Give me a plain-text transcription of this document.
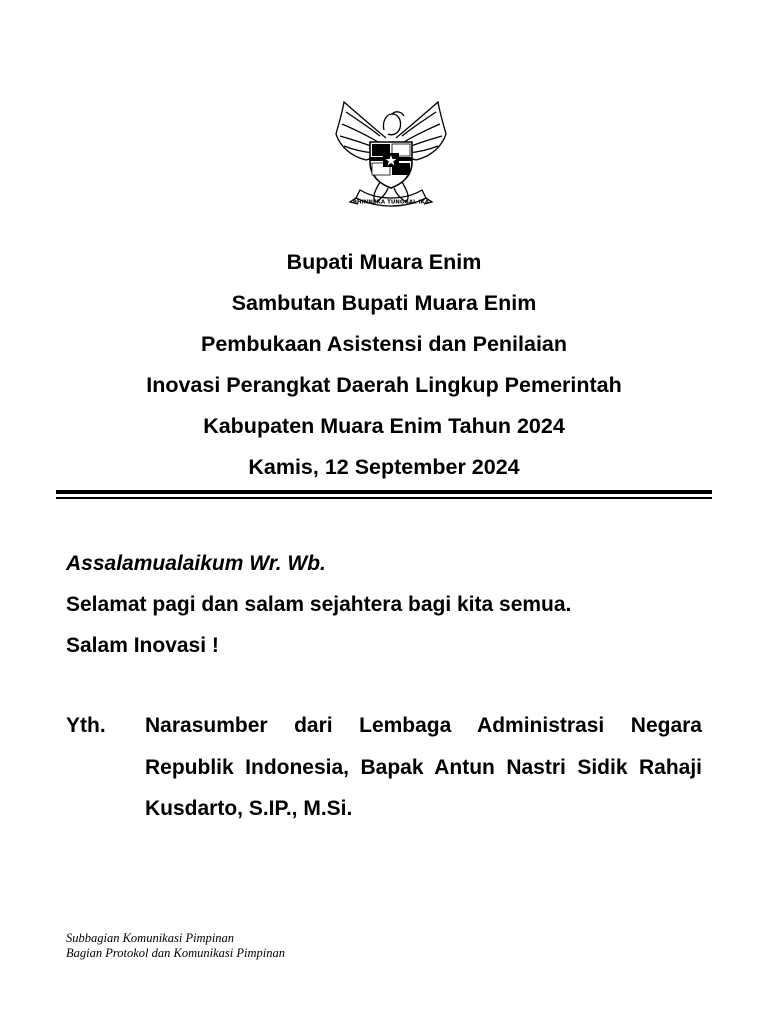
BHINNEKA TUNGGAL IKA
Bupati Muara Enim
Sambutan Bupati Muara Enim
Pembukaan Asistensi dan Penilaian
Inovasi Perangkat Daerah Lingkup Pemerintah
Kabupaten Muara Enim Tahun 2024
Kamis, 12 September 2024
Assalamualaikum Wr. Wb.
Selamat pagi dan salam sejahtera bagi kita semua.
Salam Inovasi !
Yth. Narasumber dari Lembaga Administrasi Negara Republik Indonesia, Bapak Antun Nastri Sidik Rahaji Kusdarto, S.IP., M.Si.
Subbagian Komunikasi Pimpinan
Bagian Protokol dan Komunikasi Pimpinan
